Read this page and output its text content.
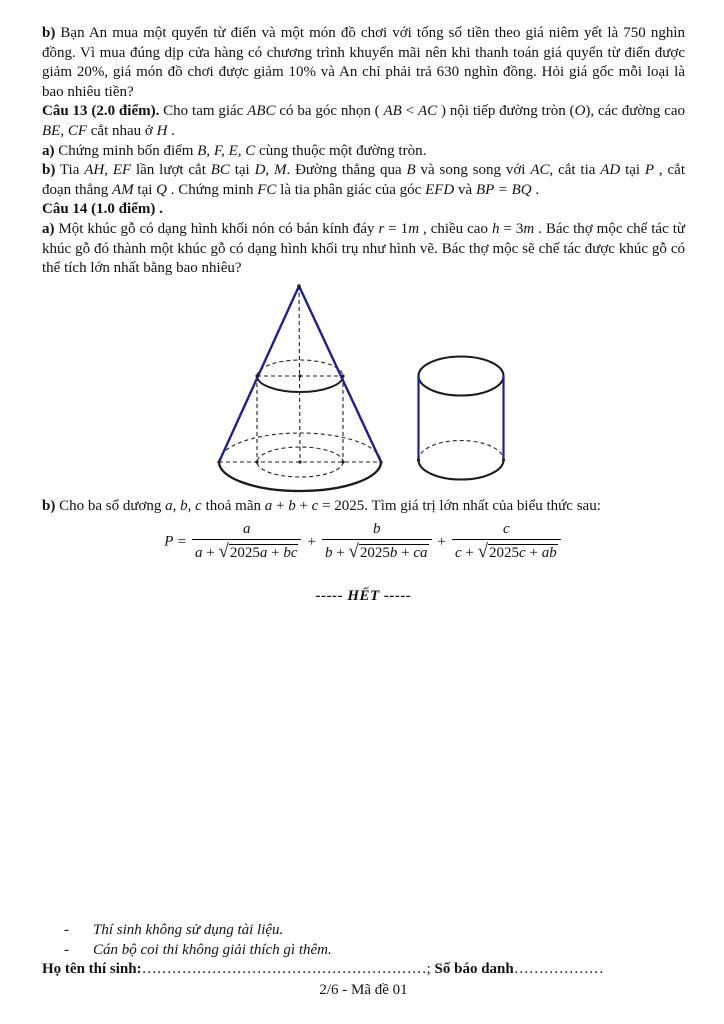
b) Bạn An mua một quyển từ điển và một món đồ chơi với tổng số tiền theo giá niêm yết là 750 nghìn đồng. Vì mua đúng dịp cửa hàng có chương trình khuyến mãi nên khi thanh toán giá quyển từ điển được giảm 20%, giá món đồ chơi được giảm 10% và An chỉ phải trả 630 nghìn đồng. Hỏi giá gốc mỗi loại là bao nhiêu tiền?

Câu 13 (2.0 điểm). Cho tam giác ABC có ba góc nhọn ( AB < AC ) nội tiếp đường tròn (O), các đường cao BE, CF cắt nhau ở H .

a) Chứng minh bốn điểm B, F, E, C cùng thuộc một đường tròn.

b) Tia AH, EF lần lượt cắt BC tại D, M. Đường thẳng qua B và song song với AC, cắt tia AD tại P , cắt đoạn thẳng AM tại Q . Chứng minh FC là tia phân giác của góc EFD và BP = BQ .

Câu 14 (1.0 điểm) .

a) Một khúc gỗ có dạng hình khối nón có bán kính đáy r = 1m , chiều cao h = 3m . Bác thợ mộc chế tác từ khúc gỗ đó thành một khúc gỗ có dạng hình khối trụ như hình vẽ. Bác thợ mộc sẽ chế tác được khúc gỗ có thể tích lớn nhất bằng bao nhiêu?

b) Cho ba số dương a, b, c thoả mãn a + b + c = 2025. Tìm giá trị lớn nhất của biểu thức sau:

$P = \frac{a}{a + √2025a + bc} + \frac{b}{b + √2025b + ca} + \frac{c}{c + √2025c + ab}$
----- HẾT -----
-	Thí sinh không sử dụng tài liệu.
-	Cán bộ coi thi không giải thích gì thêm.
Họ tên thí sinh:…………………………………………………; Số báo danh………………
2/6 - Mã đề 01
